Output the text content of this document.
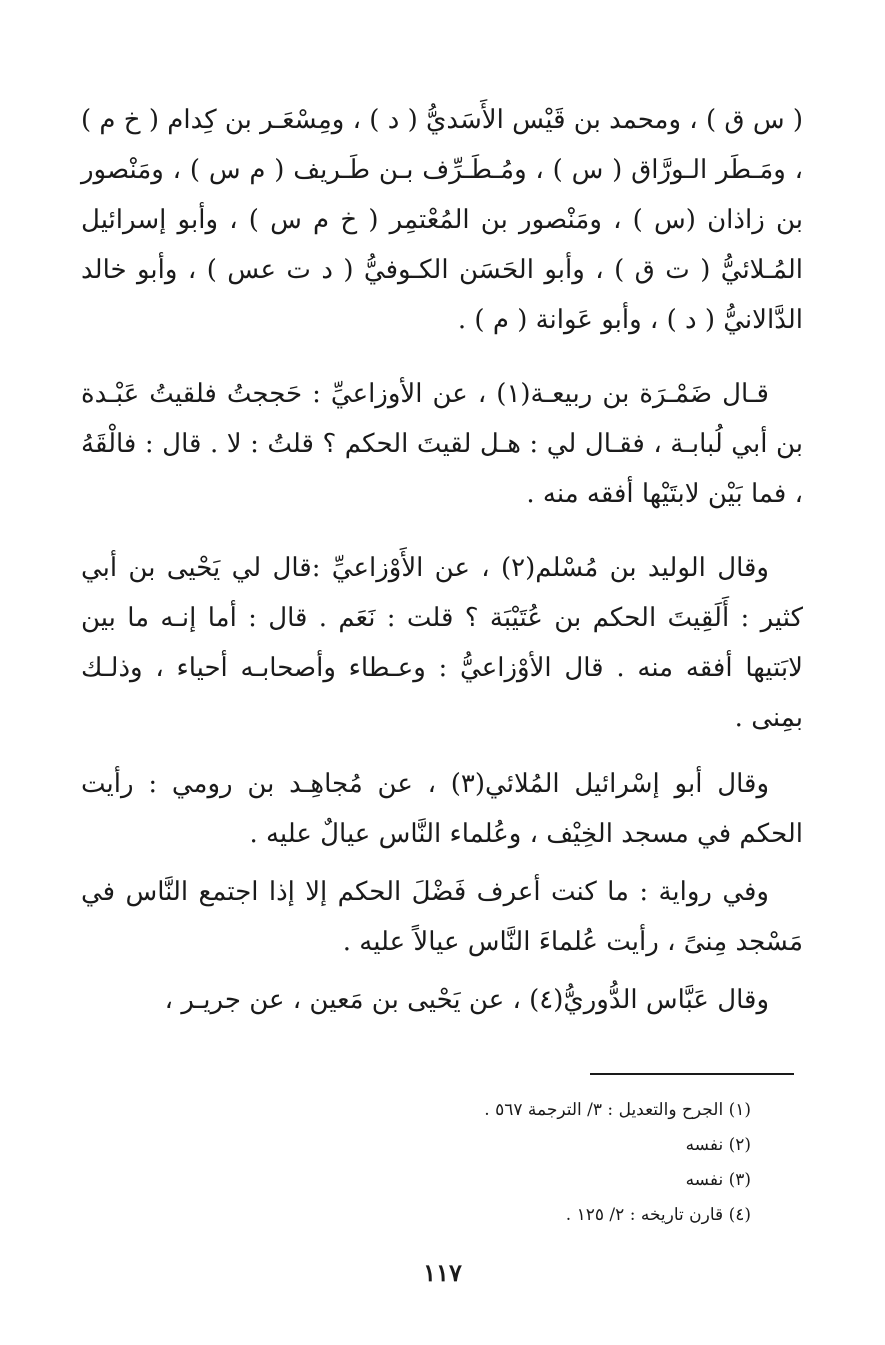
( س ق ) ، ومحمد بن قَيْس الأَسَديُّ ( د ) ، ومِسْعَـر بن كِدام ( خ م ) ، ومَـطَر الـورَّاق ( س ) ، ومُـطَـرِّف بـن طَـريف ( م س ) ، ومَنْصور بن زاذان (س ) ، ومَنْصور بن المُعْتمِر ( خ م س ) ، وأبو إسرائيل المُـلائيُّ ( ت ق ) ، وأبو الحَسَن الكـوفيُّ ( د ت عس ) ، وأبو خالد الدَّالانيُّ ( د ) ، وأبو عَوانة ( م ) .

قـال ضَمْـرَة بن ربيعـة(١) ، عن الأوزاعيِّ : حَججتُ فلقيتُ عَبْـدة بن أبي لُبابـة ، فقـال لي : هـل لقيتَ الحكم ؟ قلتُ : لا . قال : فالْقَهُ ، فما بَيْن لابتَيْها أفقه منه .

وقال الوليد بن مُسْلم(٢) ، عن الأَوْزاعيِّ :قال لي يَحْيى بن أبي كثير : أَلَقِيتَ الحكم بن عُتَيْبَة ؟ قلت : نَعَم . قال : أما إنـه ما بين لابَتيها أفقه منه . قال الأوْزاعيُّ : وعـطاء وأصحابـه أحياء ، وذلـك بمِنى .

وقال أبو إسْرائيل المُلائي(٣) ، عن مُجاهِـد بن رومي : رأيت الحكم في مسجد الخِيْف ، وعُلماء النَّاس عيالٌ عليه .

وفي رواية : ما كنت أعرف فَضْلَ الحكم إلا إذا اجتمع النَّاس في مَسْجد مِنىً ، رأيت عُلماءَ النَّاس عيالاً عليه .

وقال عَبَّاس الدُّوريُّ(٤) ، عن يَحْيى بن مَعين ، عن جريـر ،

(١) الجرح والتعديل : ٣/ الترجمة ٥٦٧ .
(٢) نفسه
(٣) نفسه
(٤) قارن تاريخه : ٢/ ١٢٥ .
١١٧
